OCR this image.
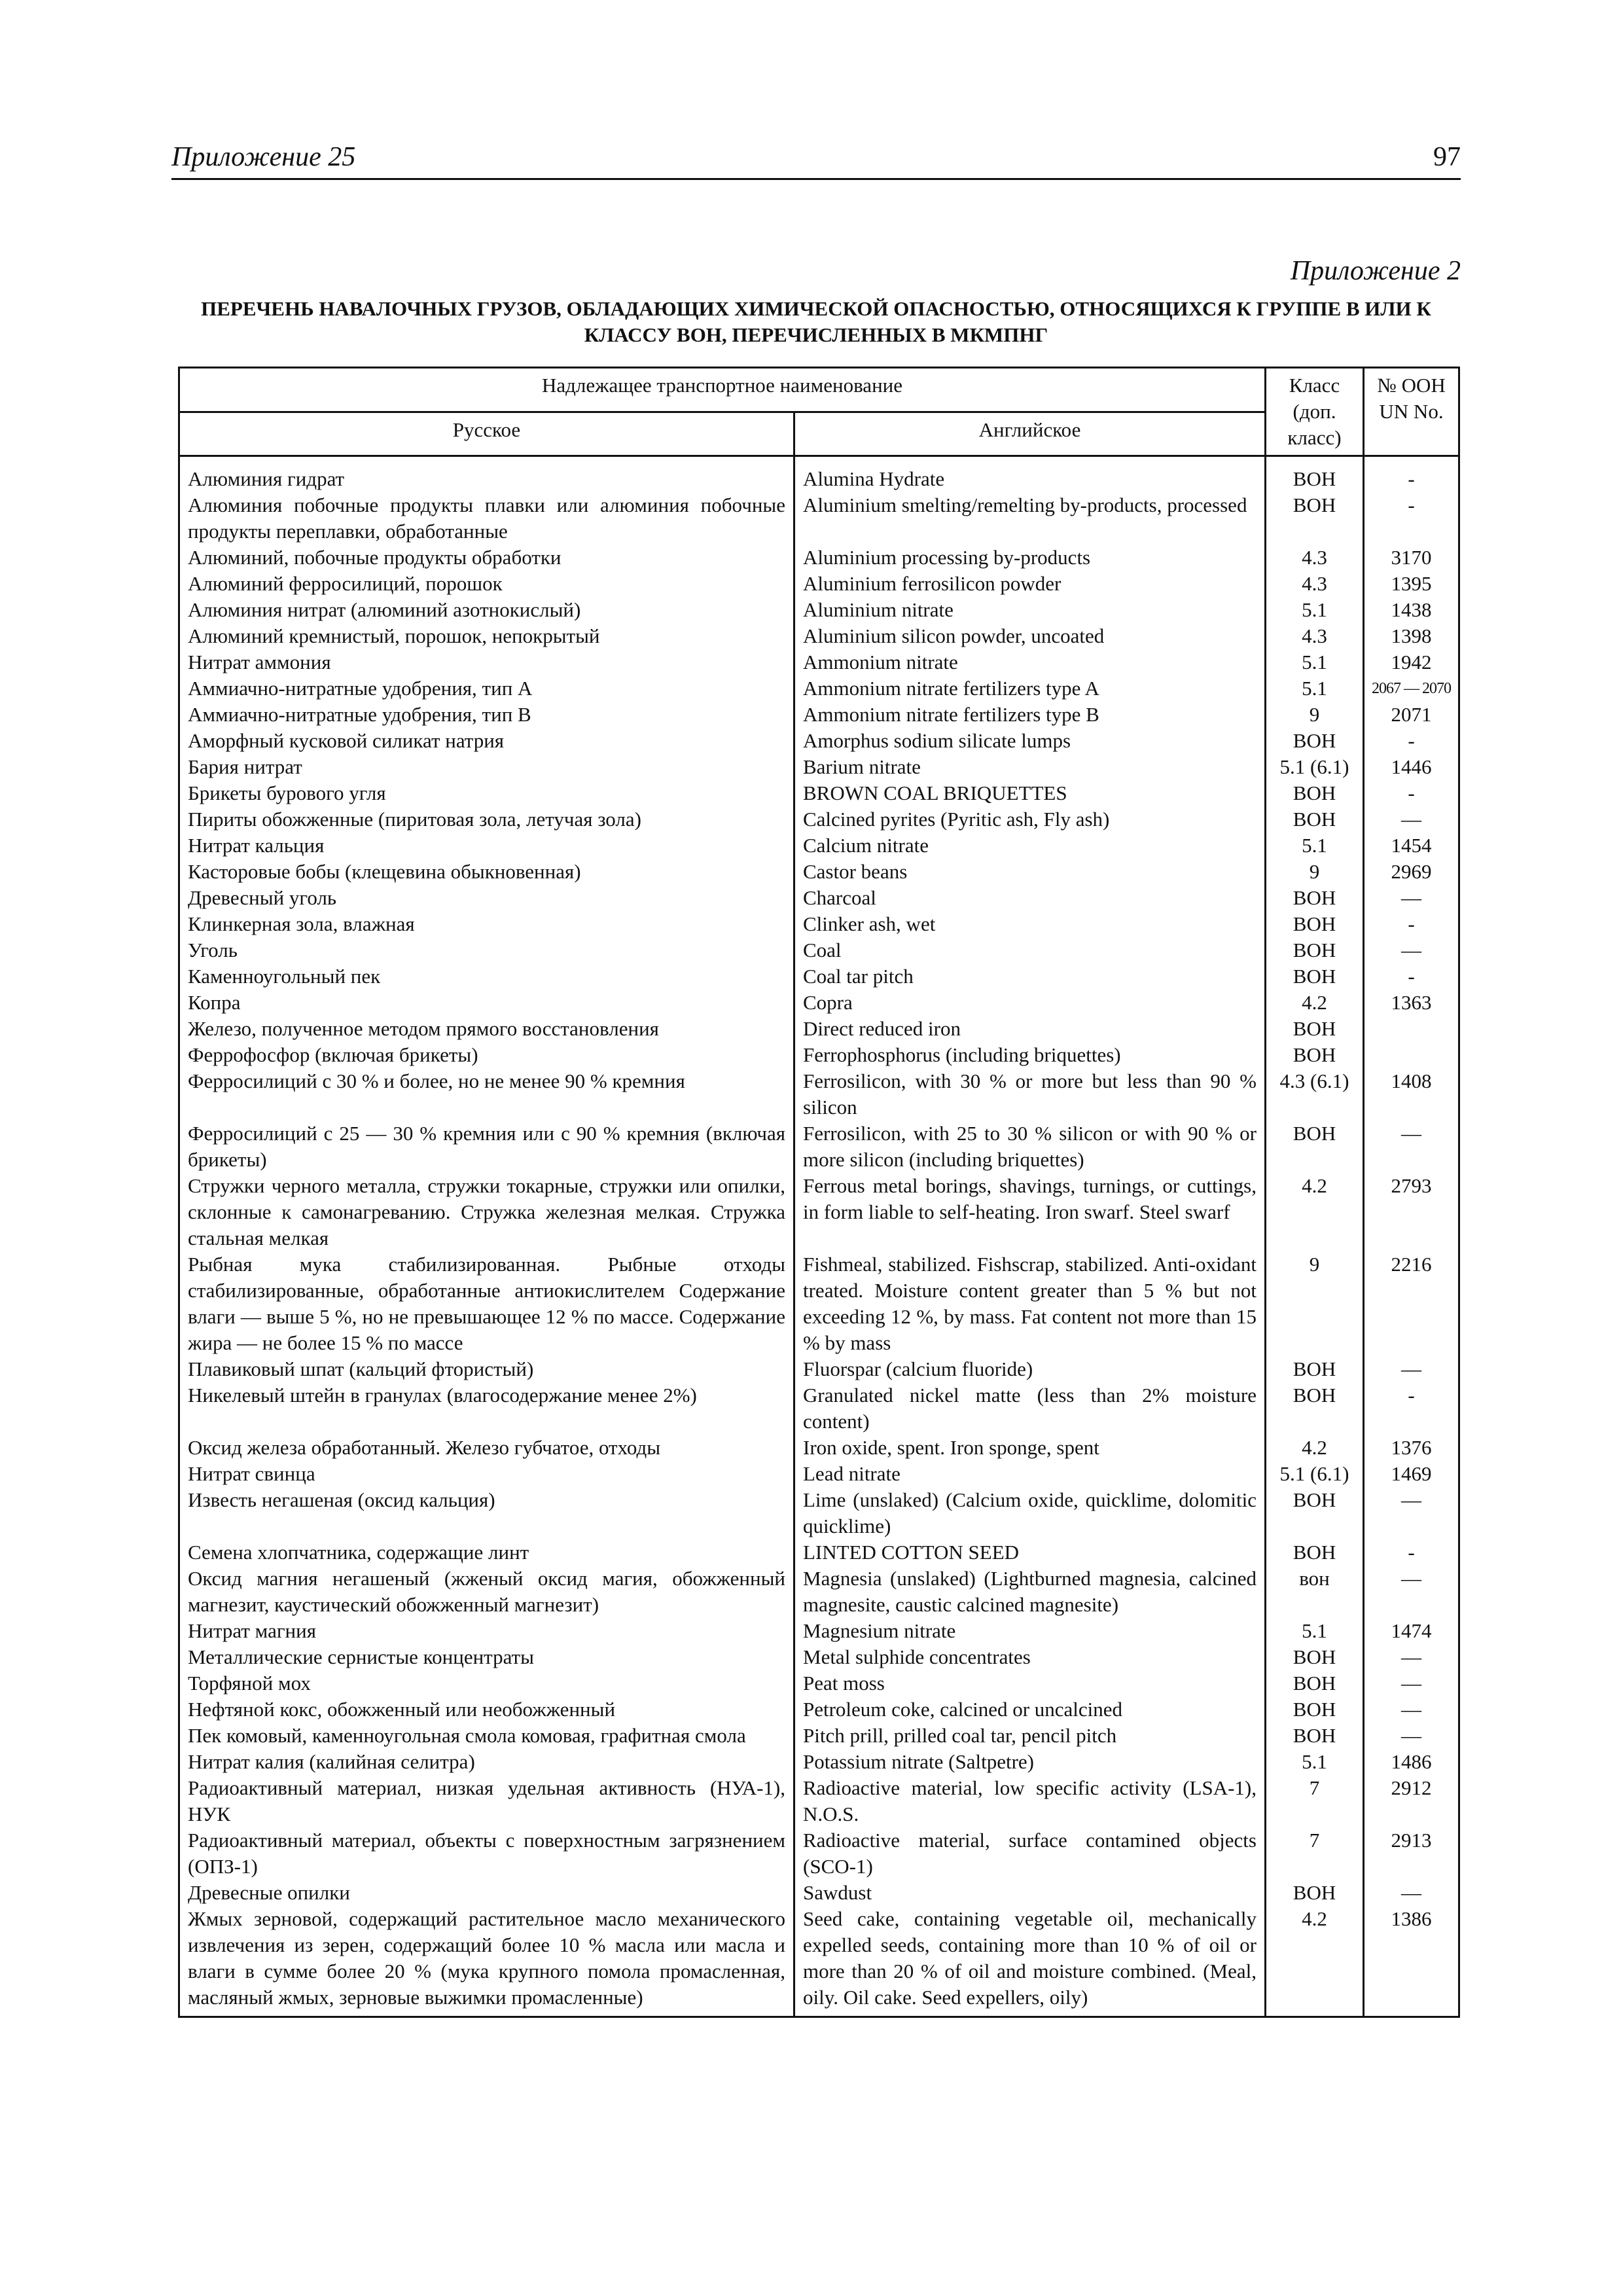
Приложение 25	97
Приложение 2
ПЕРЕЧЕНЬ НАВАЛОЧНЫХ ГРУЗОВ, ОБЛАДАЮЩИХ ХИМИЧЕСКОЙ ОПАСНОСТЬЮ, ОТНОСЯЩИХСЯ К ГРУППЕ B ИЛИ К КЛАССУ ВОН, ПЕРЕЧИСЛЕННЫХ В МКМПНГ
Надлежащее транспортное наименование		Класс (доп. класс)	№ ООН UN No.
Русское	Английское		
Алюминия гидрат	Alumina Hydrate	ВОН	-
Алюминия побочные продукты плавки или алюминия побочные продукты переплавки, обработанные	Aluminium smelting/remelting by-products, processed	ВОН	-
Алюминий, побочные продукты обработки	Aluminium processing by-products	4.3	3170
Алюминий ферросилиций, порошок	Aluminium ferrosilicon powder	4.3	1395
Алюминия нитрат (алюминий азотнокислый)	Aluminium nitrate	5.1	1438
Алюминий кремнистый, порошок, непокрытый	Aluminium silicon powder, uncoated	4.3	1398
Нитрат аммония	Ammonium nitrate	5.1	1942
Аммиачно-нитратные удобрения, тип А	Ammonium nitrate fertilizers type A	5.1	2067 — 2070
Аммиачно-нитратные удобрения, тип В	Ammonium nitrate fertilizers type B	9	2071
Аморфный кусковой силикат натрия	Amorphus sodium silicate lumps	ВОН	-
Бария нитрат	Barium nitrate	5.1 (6.1)	1446
Брикеты бурового угля	BROWN COAL BRIQUETTES	ВОН	-
Пириты обожженные (пиритовая зола, летучая зола)	Calcined pyrites (Pyritic ash, Fly ash)	ВОН	—
Нитрат кальция	Calcium nitrate	5.1	1454
Касторовые бобы (клещевина обыкновенная)	Castor beans	9	2969
Древесный уголь	Charcoal	ВОН	—
Клинкерная зола, влажная	Clinker ash, wet	ВОН	-
Уголь	Coal	ВОН	—
Каменноугольный пек	Coal tar pitch	ВОН	-
Копра	Copra	4.2	1363
Железо, полученное методом прямого восстановления	Direct reduced iron	ВОН	
Феррофосфор (включая брикеты)	Ferrophosphorus (including briquettes)	ВОН	
Ферросилиций с 30 % и более, но не менее 90 % кремния	Ferrosilicon, with 30 % or more but less than 90 % silicon	4.3 (6.1)	1408
Ферросилиций с 25 — 30 % кремния или с 90 % кремния (включая брикеты)	Ferrosilicon, with 25 to 30 % silicon or with 90 % or more silicon (including briquettes)	ВОН	—
Стружки черного металла, стружки токарные, стружки или опилки, склонные к самонагреванию. Стружка железная мелкая. Стружка стальная мелкая	Ferrous metal borings, shavings, turnings, or cuttings, in form liable to self-heating. Iron swarf. Steel swarf	4.2	2793
Рыбная мука стабилизированная. Рыбные отходы стабилизированные, обработанные антиокислителем Содержание влаги — выше 5 %, но не превышающее 12 % по массе. Содержание жира — не более 15 % по массе	Fishmeal, stabilized. Fishscrap, stabilized. Anti-oxidant treated. Moisture content greater than 5 % but not exceeding 12 %, by mass. Fat content not more than 15 % by mass	9	2216
Плавиковый шпат (кальций фтористый)	Fluorspar (calcium fluoride)	ВОН	—
Никелевый штейн в гранулах (влагосодержание менее 2%)	Granulated nickel matte (less than 2% moisture content)	ВОН	-
Оксид железа обработанный. Железо губчатое, отходы	Iron oxide, spent. Iron sponge, spent	4.2	1376
Нитрат свинца	Lead nitrate	5.1 (6.1)	1469
Известь негашеная (оксид кальция)	Lime (unslaked) (Calcium oxide, quicklime, dolomitic quicklime)	ВОН	—
Семена хлопчатника, содержащие линт	LINTED COTTON SEED	ВОН	-
Оксид магния негашеный (жженый оксид магия, обожженный магнезит, каустический обожженный магнезит)	Magnesia (unslaked) (Lightburned magnesia, calcined magnesite, caustic calcined magnesite)	вон	—
Нитрат магния	Magnesium nitrate	5.1	1474
Металлические сернистые концентраты	Metal sulphide concentrates	ВОН	—
Торфяной мох	Peat moss	ВОН	—
Нефтяной кокс, обожженный или необожженный	Petroleum coke, calcined or uncalcined	ВОН	—
Пек комовый, каменноугольная смола комовая, графитная смола	Pitch prill, prilled coal tar, pencil pitch	ВОН	—
Нитрат калия (калийная селитра)	Potassium nitrate (Saltpetre)	5.1	1486
Радиоактивный материал, низкая удельная активность (НУА-1), НУК	Radioactive material, low specific activity (LSA-1), N.O.S.	7	2912
Радиоактивный материал, объекты с поверхностным загрязнением (ОПЗ-1)	Radioactive material, surface contamined objects (SCO-1)	7	2913
Древесные опилки	Sawdust	ВОН	—
Жмых зерновой, содержащий растительное масло механического извлечения из зерен, содержащий более 10 % масла или масла и влаги в сумме более 20 % (мука крупного помола промасленная, масляный жмых, зерновые выжимки промасленные)	Seed cake, containing vegetable oil, mechanically expelled seeds, containing more than 10 % of oil or more than 20 % of oil and moisture combined. (Meal, oily. Oil cake. Seed expellers, oily)	4.2	1386
